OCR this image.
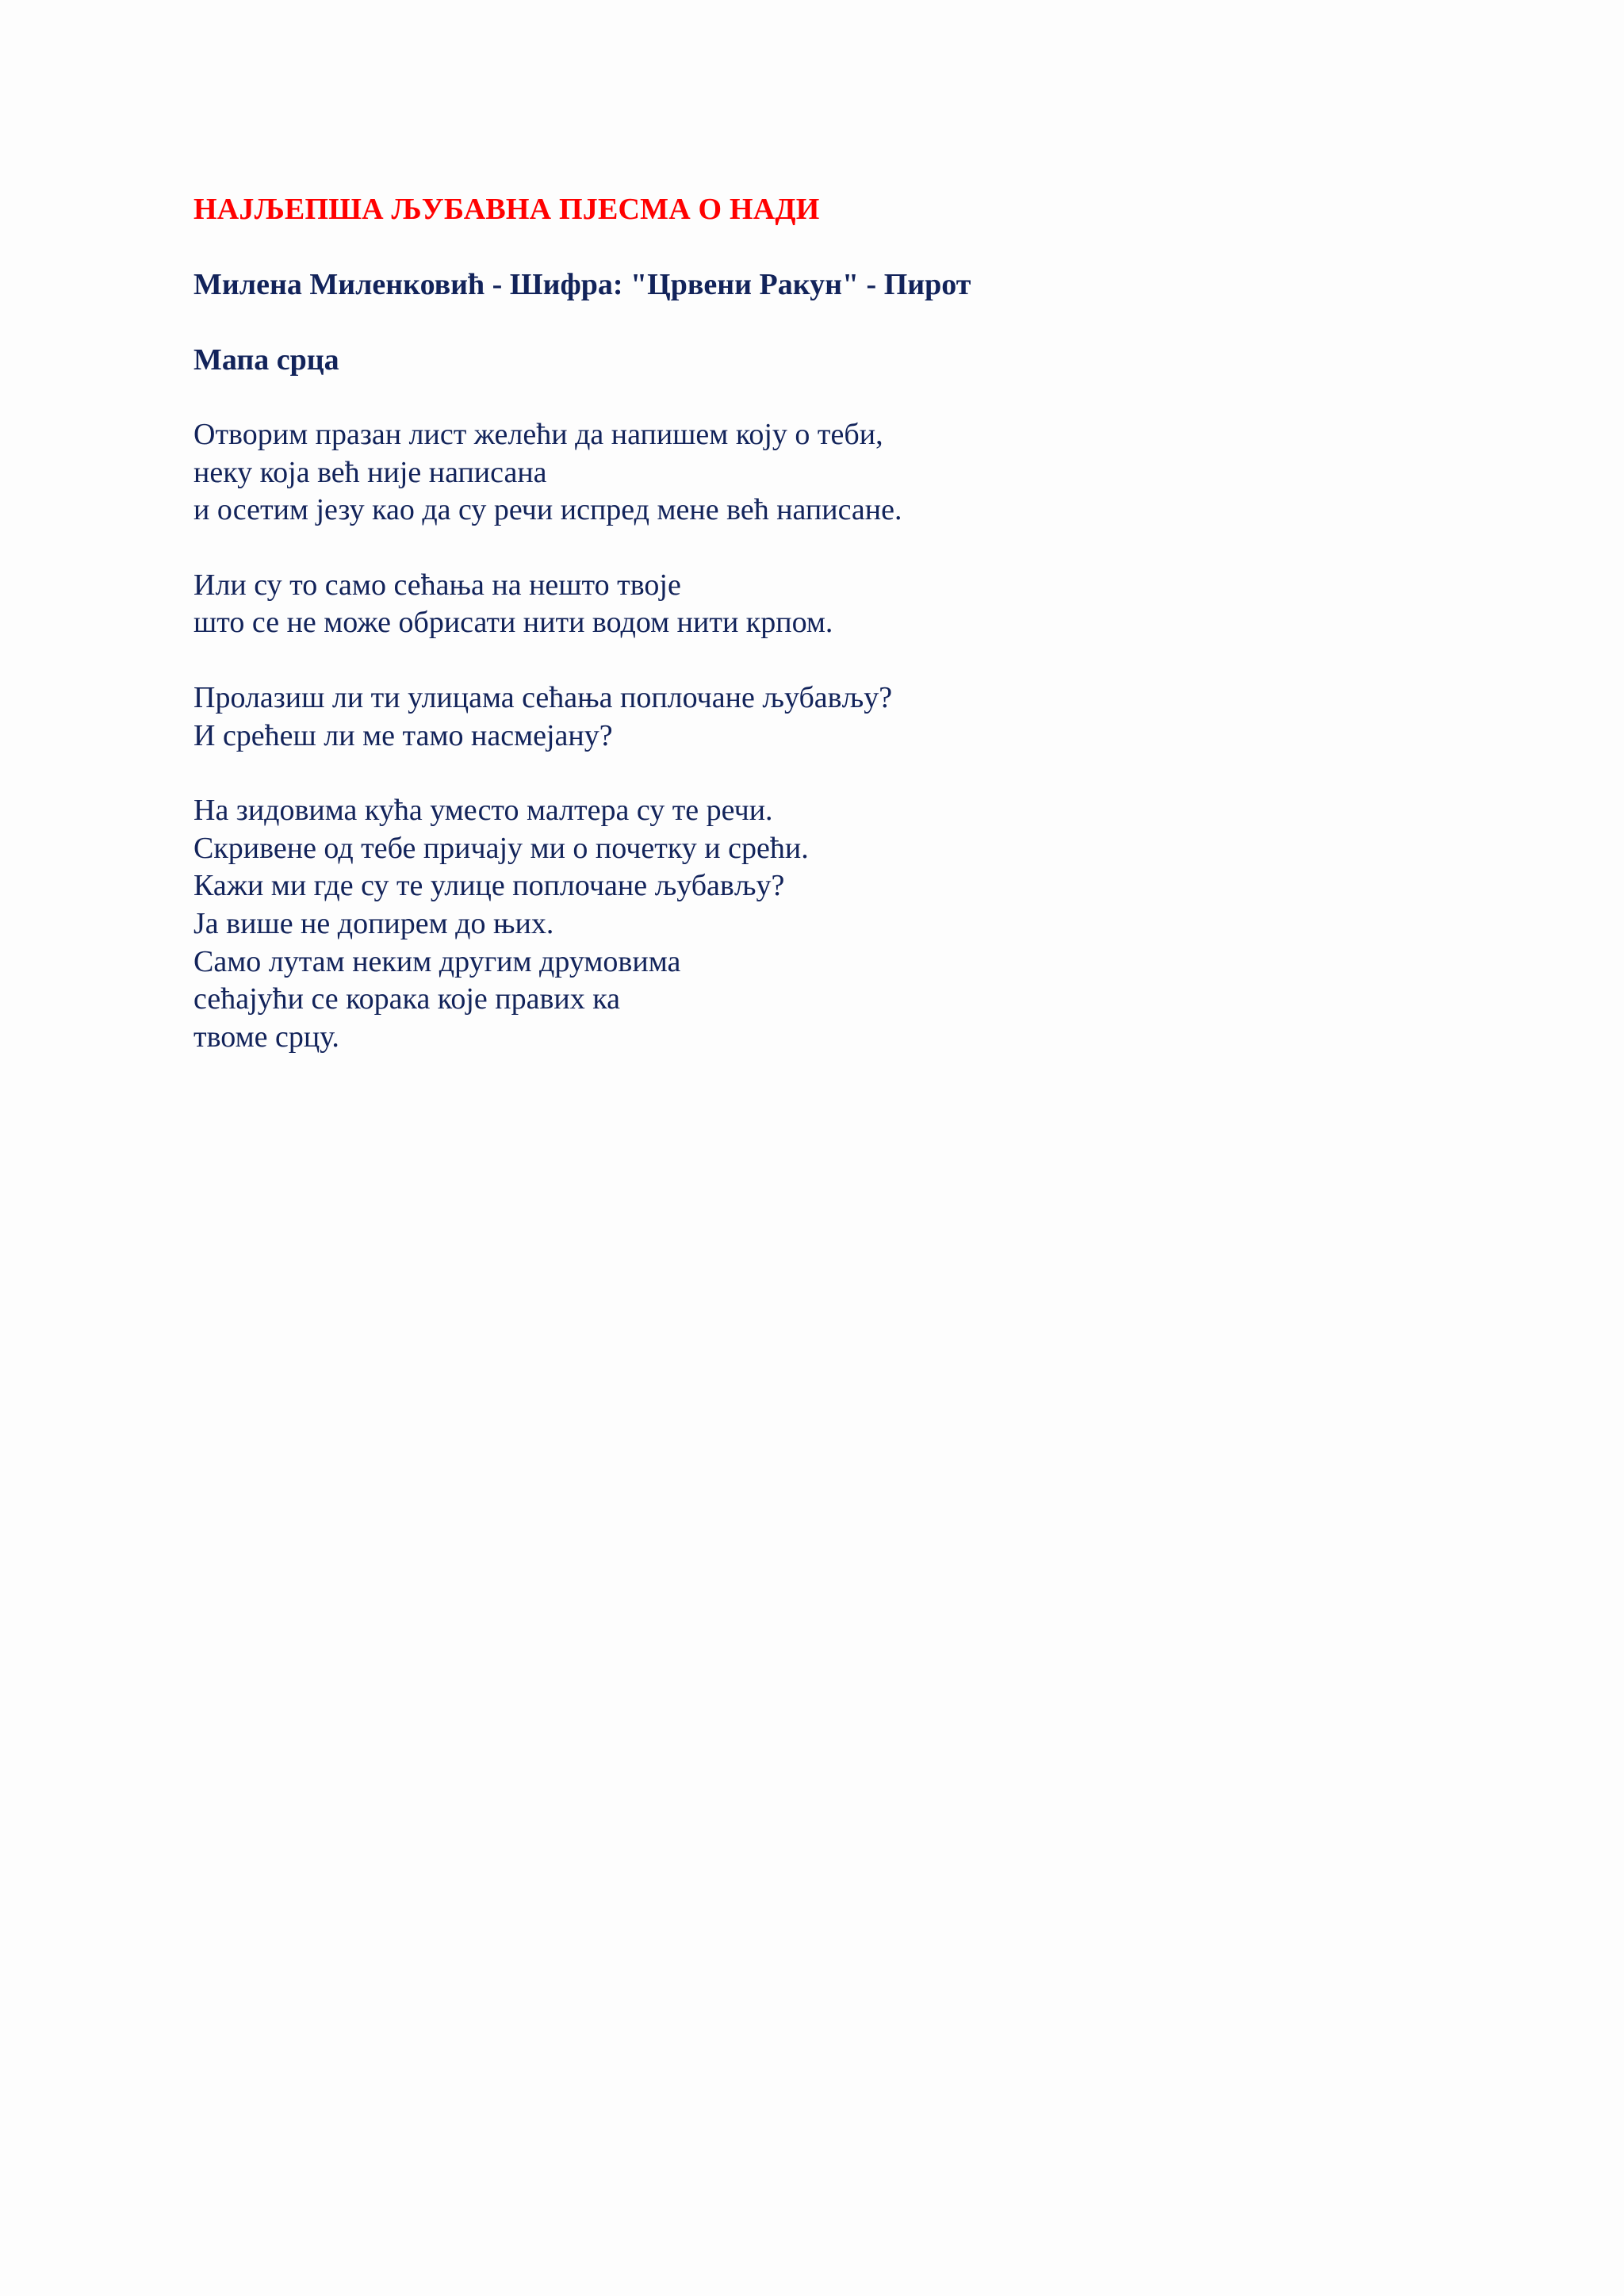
НАЈЉЕПША ЉУБАВНА ПЈЕСМА О НАДИ

Милена Миленковић - Шифра: "Црвени Ракун" - Пирот

Мапа срца

Отворим празан лист желећи да напишем коју о теби,
неку која већ није написана
и осетим језу као да су речи испред мене већ написане.

Или су то само сећања на нешто твоје
што се не може обрисати нити водом нити крпом.

Пролазиш ли ти улицама сећања поплочане љубављу?
И срећеш ли ме тамо насмејану?

На зидовима кућа уместо малтера су те речи.
Скривене од тебе причају ми о почетку и срећи.
Кажи ми где су те улице поплочане љубављу?
Ја више не допирем до њих.
Само лутам неким другим друмовима
сећајући се корака које правих ка
твоме срцу.
